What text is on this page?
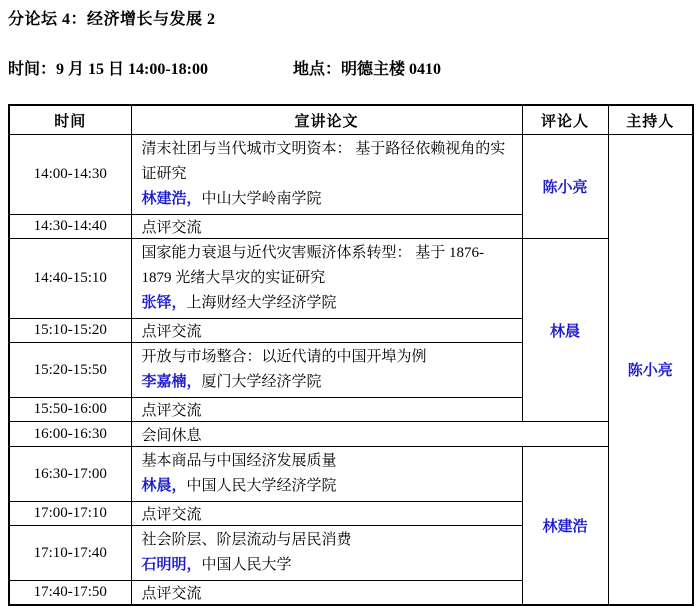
分论坛 4：经济增长与发展 2
时间：9 月 15 日 14:00-18:00	地点：明德主楼 0410
时间	宣讲论文	评论人	主持人
14:00-14:30	清末社团与当代城市文明资本： 基于路径依赖视角的实证研究
林建浩，中山大学岭南学院	陈小亮	陈小亮
14:30-14:40	点评交流		
14:40-15:10	国家能力衰退与近代灾害赈济体系转型： 基于 1876-1879 光绪大旱灾的实证研究
张铎，上海财经大学经济学院	林晨	
15:10-15:20	点评交流		
15:20-15:50	开放与市场整合：以近代请的中国开埠为例
李嘉楠，厦门大学经济学院		

15:50-16:00	点评交流		
16:00-16:30	会间休息		
16:30-17:00	基本商品与中国经济发展质量
林晨，中国人民大学经济学院	林建浩	
17:00-17:10	点评交流		
17:10-17:40	社会阶层、阶层流动与居民消费
石明明，中国人民大学		

17:40-17:50	点评交流		
